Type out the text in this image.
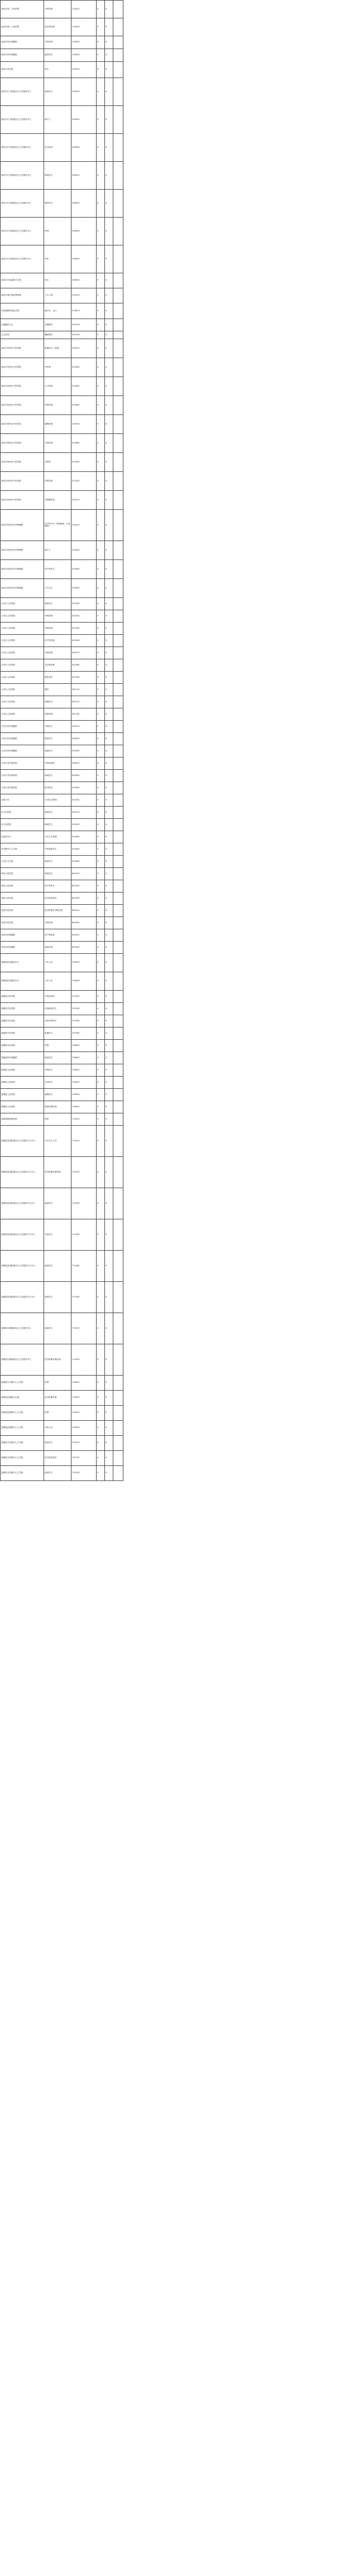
南岳市第二人民医院	儿科医师	110022	0	0	
南岳市第二人民医院	急诊科医师	110032	0	0	
南岳市妇幼保健院	儿科医师	110022	0	0	
南岳市妇幼保健院	临床医生	110032	0	0	
南岳市中医院	医生	203012	0	0	
南岳市江口街道社区卫生服务中心	临床医生	204012	0	0	
南岳市江口街道社区卫生服务中心	助产士	204022	0	0	
南岳市江东街道社区卫生服务中心	医学检验	205032	0	0	
南岳市江东街道社区卫生服务中心	临床医生	206012	0	0	
南岳市江东街道社区卫生服务中心	超声医生	206022	0	0	
南岳市江东街道社区卫生服务中心	药剂	206032	0	0	
南岳市江东街道社区卫生服务中心	中医	206042	0	0	
南岳市市场监督卫生院	医生	208012	0	0	
南岳市城乡建设管理局	土木工程	212013	0	0	
市机械制药职业学院	统计员、会计	218013	0	0	
区融媒体中心	后期制作	301023	0	0	
区文化馆	舞蹈教学	301033	0	0	
南岳市贵州区中医医院	影像医生（放射）	323012	0	0	
南岳市贵州区中医医院	中医师	323042	0	0	
南岳市贵州区中医医院	公卫医师	323052	0	0	
南岳市贵州区中医医院	妇科医师	323062	0	0	
南岳市贵州区中医医院	麻醉医师	323072	0	0	
南岳市贵州区中医医院	儿科医师	323082	0	0	
南岳市贵州区中医医院	口腔科	323092	0	0	
南岳市贵州区中医医院	内科医师	323102	0	0	
南岳市贵州区中医医院	耳鼻喉医师	323112	0	0	
南岳市贵州区妇幼保健院	妇产科方向（两团B超、心电图等）	324012	0	0	
南岳市贵州区妇幼保健院	助产士	324022	0	0	
南岳市贵州区妇幼保健院	妇产科医生	324032	0	0	
南岳市贵州区妇幼保健院	公共卫生	324052	0	0	
大安区人民医院	临床医生	401032	0	0	
大安区人民医院	外科医师	401042	0	0	
大安区人民医院	内科医师	401052	0	0	
大安区人民医院	妇产科医师	401062	0	0	
大安区人民医院	口腔医师	401072	0	0	
大安区人民医院	五官科医师	401082	0	0	
大安区人民医院	康复治疗	401092	0	0	
大安区人民医院	超声	401112	0	0	
大安区人民医院	放射医学	401122	0	0	
大安区人民医院	放射技师	401132	0	0	
大安区妇幼保健院	儿科医生	402012	0	0	
大安区妇幼保健院	临床医生	402022	0	0	
大安区妇幼保健院	放射医生	402032	0	0	
大安区老年病医院	中西医临床	403012	0	0	
大安区老年病医院	临床医生	403022	0	0	
大安区老年病医院	医学技术	403042	0	0	
区级小学	小学语文教师	501031	0	0	
贡人民医院	临床医生	502012	0	0	
贡人民医院	临床医生	502032	0	0	
区疾控中心	公共卫生管理	502042	0	0	
贡市镇中心卫生院	中医临床医生	502052	0	0	
九龙乡卫生院	临床医生	502062	0	0	
荣县人民医院	临床医生	601012	0	0	
荣县人民医院	妇产科医生	601022	0	0	
荣县人民医院	医学检验技术	601032	0	0	
荣县中医医院	医学影像学诊断医师	602012	0	0	
荣县中医医院	儿科医师	602022	0	0	
荣县妇幼保健院	妇产科医师	603012	0	0	
荣县妇幼保健院	临床医师	603022	0	0	
富顺县政务服务中心	工作人员	703013	0	0	
富顺县政务服务中心	工作人员	703043	0	0	
富顺县中医医院	中西医临床	707022	0	0	
富顺县中医医院	针灸推拿医生	707032	0	0	
富顺县中医医院	全科外科医生	707042	0	0	
富顺县中医医院	影像医生	707052	0	0	
富顺县中医医院	护理	708022	0	0	
富顺县妇幼保健院	临床医生	708042	0	0	
富顺县人民医院	外科医生	709012	0	0	
富顺县人民医院	五官医生	709022	0	0	
富顺县人民医院	麻醉医生	709042	0	0	
富顺县人民医院	影像诊断医师	709052	0	0	
富顺县精神病医院	医师	710012	0	0	
富顺县富世街道社区卫生服务中心中心	公共卫生人员	711012	0	0	
富顺县富世街道社区卫生服务中心中心	医学影像诊断医师	711022	0	0	
富顺县富世街道社区卫生服务中心中心	临床医生	711042	0	0	
富顺县富世街道社区卫生服务中心中心	中医医生	711052	0	0	
富顺县富世街道社区卫生服务中心中心	临床医生	711062	0	0	
富顺县富世街道社区卫生服务中心中心	临床医生	711092	0	0	
富顺县东湖街道社区卫生服务中心	临床医生	712012	0	0	
富顺县东湖街道社区卫生服务中心	医学影像诊断医师	712022	0	0	
富顺县代寺镇中心卫生院	护理	716012	0	0	
富顺县琵琶镇卫生院	医学影像诊断	719022	0	0	
富顺县琵琶镇中心卫生院	护理	720022	0	0	
富顺县琵琶镇中心卫生院	中药人员	720032	0	0	
富顺县中医镇中心卫生院	临床医生	721012	0	0	
富顺县中医镇中心卫生院	医学检验技术	721022	0	0	
富顺县中医镇中心卫生院	临床医生	721032	0	0	
